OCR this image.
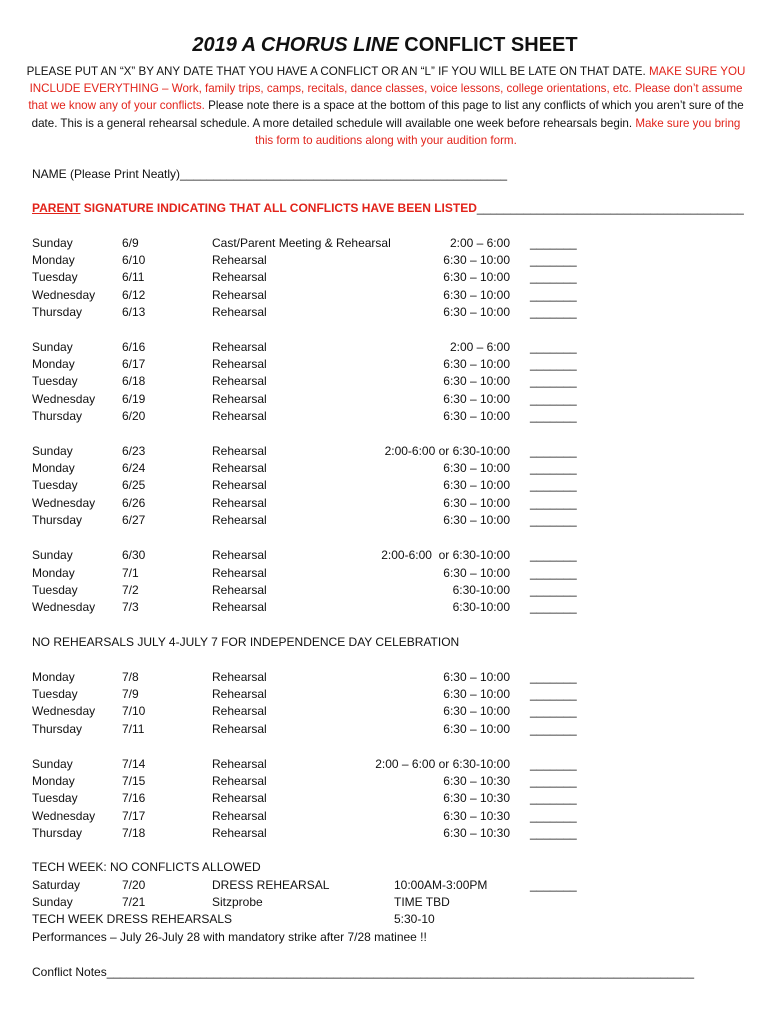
2019 A CHORUS LINE CONFLICT SHEET
PLEASE PUT AN “X” BY ANY DATE THAT YOU HAVE A CONFLICT OR AN “L” IF YOU WILL BE LATE ON THAT DATE. MAKE SURE YOU INCLUDE EVERYTHING – Work, family trips, camps, recitals, dance classes, voice lessons, college orientations, etc. Please don’t assume that we know any of your conflicts. Please note there is a space at the bottom of this page to list any conflicts of which you aren’t sure of the date. This is a general rehearsal schedule. A more detailed schedule will available one week before rehearsals begin. Make sure you bring this form to auditions along with your audition form.
NAME (Please Print Neatly)_________________________________________________
PARENT SIGNATURE INDICATING THAT ALL CONFLICTS HAVE BEEN LISTED________________________________________
Sunday	6/9	Cast/Parent Meeting & Rehearsal	2:00 – 6:00 _______
Monday	6/10	Rehearsal	6:30 – 10:00 _______
Tuesday	6/11	Rehearsal	6:30 – 10:00 _______
Wednesday 6/12	Rehearsal	6:30 – 10:00 _______
Thursday	6/13	Rehearsal	6:30 – 10:00 _______
Sunday	6/16	Rehearsal	2:00 – 6:00 _______
Monday	6/17	Rehearsal	6:30 – 10:00 _______
Tuesday	6/18	Rehearsal	6:30 – 10:00 _______
Wednesday 6/19	Rehearsal	6:30 – 10:00 _______
Thursday	6/20	Rehearsal	6:30 – 10:00 _______
Sunday	6/23	Rehearsal	2:00-6:00 or 6:30-10:00 _______
Monday	6/24	Rehearsal	6:30 – 10:00 _______
Tuesday	6/25	Rehearsal	6:30 – 10:00 _______
Wednesday 6/26	Rehearsal	6:30 – 10:00 _______
Thursday	6/27	Rehearsal	6:30 – 10:00 _______
Sunday	6/30	Rehearsal	2:00-6:00  or 6:30-10:00 _______
Monday	7/1	Rehearsal	6:30 – 10:00 _______
Tuesday	7/2	Rehearsal	6:30-10:00 _______
Wednesday 7/3	Rehearsal	6:30-10:00 _______
Monday	7/8	Rehearsal	6:30 – 10:00 _______
Tuesday	7/9	Rehearsal	6:30 – 10:00 _______
Wednesday 7/10	Rehearsal	6:30 – 10:00 _______
Thursday	7/11	Rehearsal	6:30 – 10:00 _______
Sunday	7/14	Rehearsal	2:00 – 6:00 or 6:30-10:00 _______
Monday	7/15	Rehearsal	6:30 – 10:30 _______
Tuesday	7/16	Rehearsal	6:30 – 10:30 _______
Wednesday 7/17	Rehearsal	6:30 – 10:30 _______
Thursday	7/18	Rehearsal	6:30 – 10:30 _______
NO REHEARSALS JULY 4-JULY 7 FOR INDEPENDENCE DAY CELEBRATION
TECH WEEK: NO CONFLICTS ALLOWED
Saturday	7/20	DRESS REHEARSAL	10:00AM-3:00PM	_______
Sunday	7/21	Sitzprobe	TIME TBD
TECH WEEK DRESS REHEARSALS	5:30-10
Performances – July 26-July 28 with mandatory strike after 7/28 matinee !!
Conflict Notes________________________________________________________________________________________
